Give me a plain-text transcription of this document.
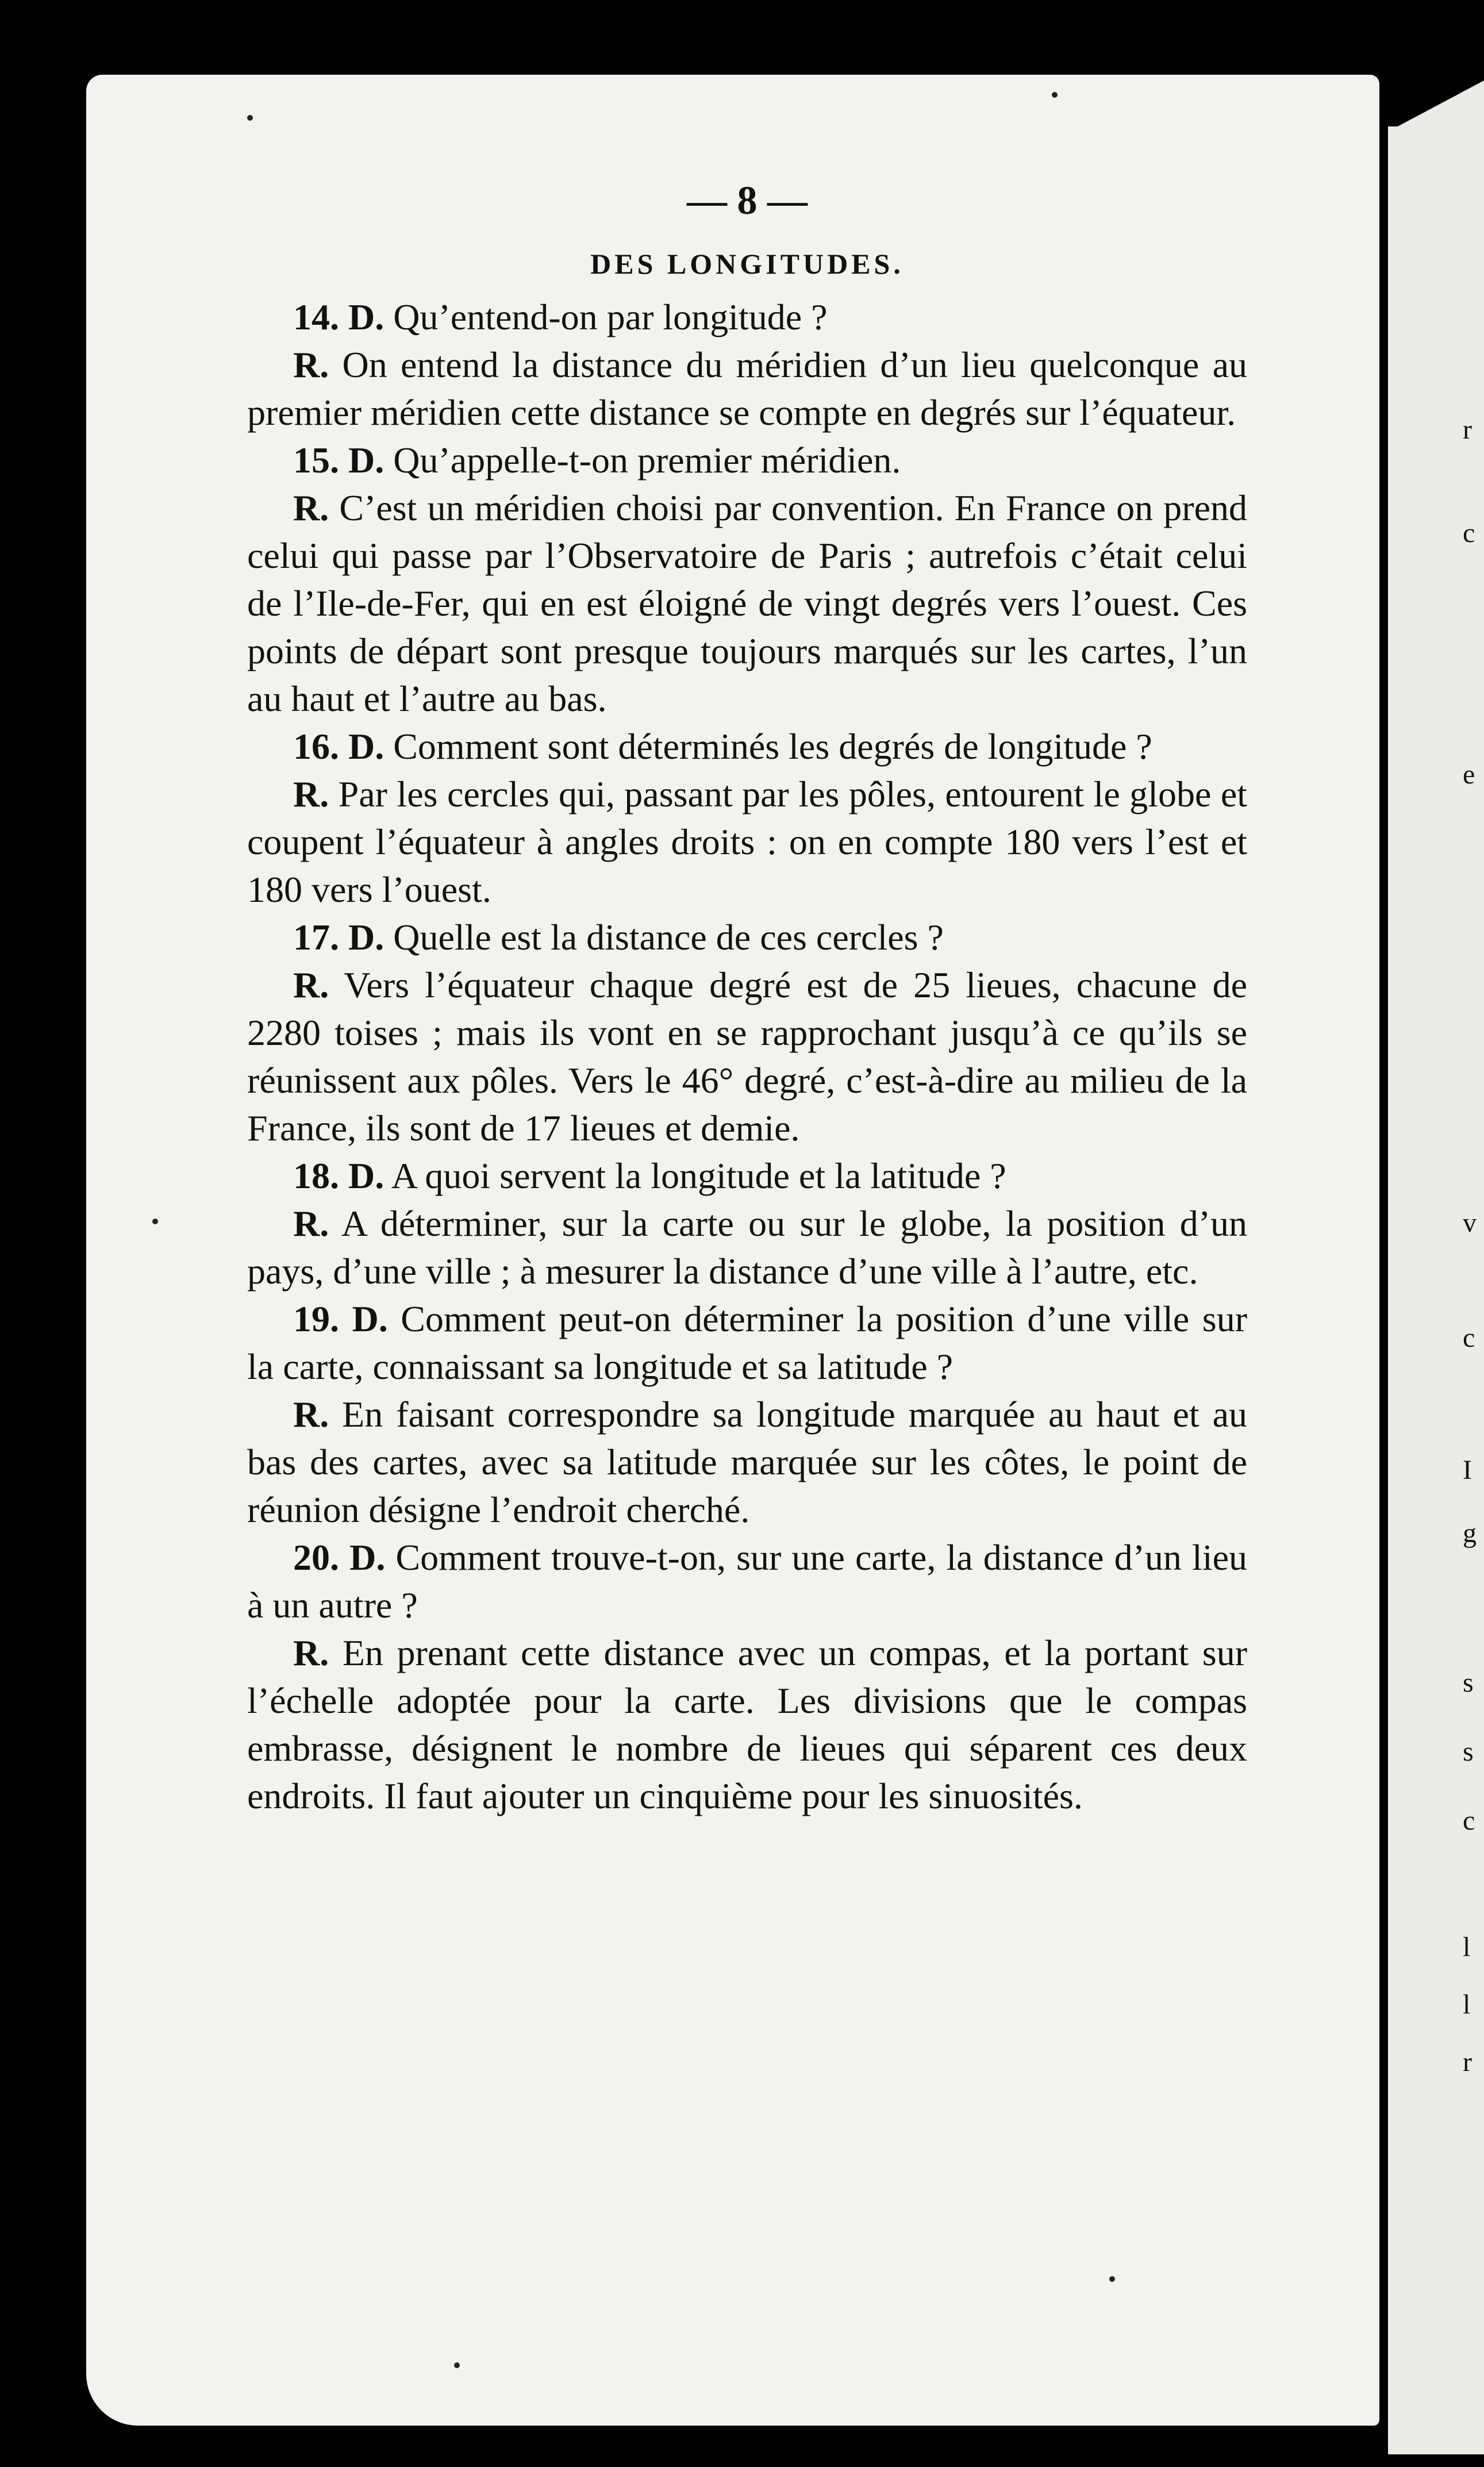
r
c
e
v
c
I
g
s
s
c
l
l
r
— 8 —
DES LONGITUDES.

14. D. Qu’entend-on par longitude ?

R. On entend la distance du méridien d’un lieu quelconque au premier méridien cette distance se compte en degrés sur l’équateur.

15. D. Qu’appelle-t-on premier méridien.

R. C’est un méridien choisi par convention. En France on prend celui qui passe par l’Observatoire de Paris ; autrefois c’était celui de l’Ile-de-Fer, qui en est éloigné de vingt degrés vers l’ouest. Ces points de départ sont presque toujours marqués sur les cartes, l’un au haut et l’autre au bas.

16. D. Comment sont déterminés les degrés de longitude ?

R. Par les cercles qui, passant par les pôles, entourent le globe et coupent l’équateur à angles droits : on en compte 180 vers l’est et 180 vers l’ouest.

17. D. Quelle est la distance de ces cercles ?

R. Vers l’équateur chaque degré est de 25 lieues, chacune de 2280 toises ; mais ils vont en se rapprochant jusqu’à ce qu’ils se réunissent aux pôles. Vers le 46° degré, c’est-à-dire au milieu de la France, ils sont de 17 lieues et demie.

18. D. A quoi servent la longitude et la latitude ?

R. A déterminer, sur la carte ou sur le globe, la position d’un pays, d’une ville ; à mesurer la distance d’une ville à l’autre, etc.

19. D. Comment peut-on déterminer la position d’une ville sur la carte, connaissant sa longitude et sa latitude ?

R. En faisant correspondre sa longitude marquée au haut et au bas des cartes, avec sa latitude marquée sur les côtes, le point de réunion désigne l’endroit cherché.

20. D. Comment trouve-t-on, sur une carte, la distance d’un lieu à un autre ?

R. En prenant cette distance avec un compas, et la portant sur l’échelle adoptée pour la carte. Les divisions que le compas embrasse, désignent le nombre de lieues qui séparent ces deux endroits. Il faut ajouter un cinquième pour les sinuosités.
